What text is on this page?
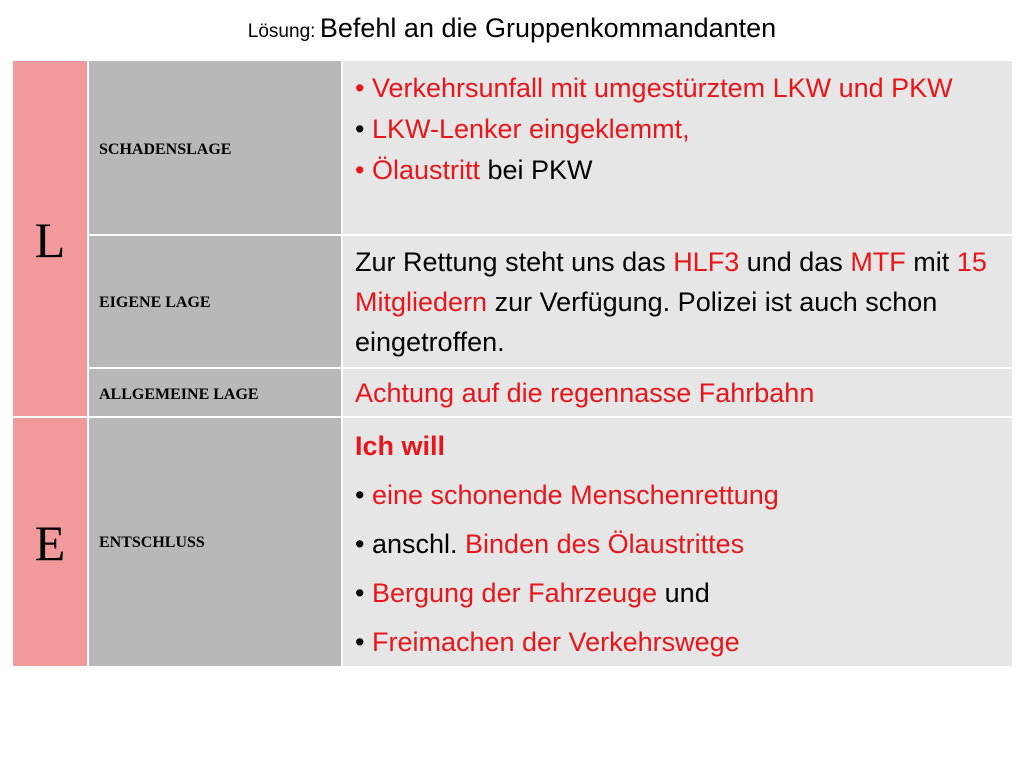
Lösung: Befehl an die Gruppenkommandanten
L
E
SCHADENSLAGE
EIGENE LAGE
ALLGEMEINE LAGE
ENTSCHLUSS
• Verkehrsunfall mit umgestürztem LKW und PKW
• LKW-Lenker eingeklemmt,
• Ölaustritt bei PKW
Zur Rettung steht uns das HLF3 und das MTF mit 15 Mitgliedern zur Verfügung. Polizei ist auch schon eingetroffen.
Achtung auf die regennasse Fahrbahn
Ich will
• eine schonende Menschenrettung
• anschl. Binden des Ölaustrittes
• Bergung der Fahrzeuge und
• Freimachen der Verkehrswege
